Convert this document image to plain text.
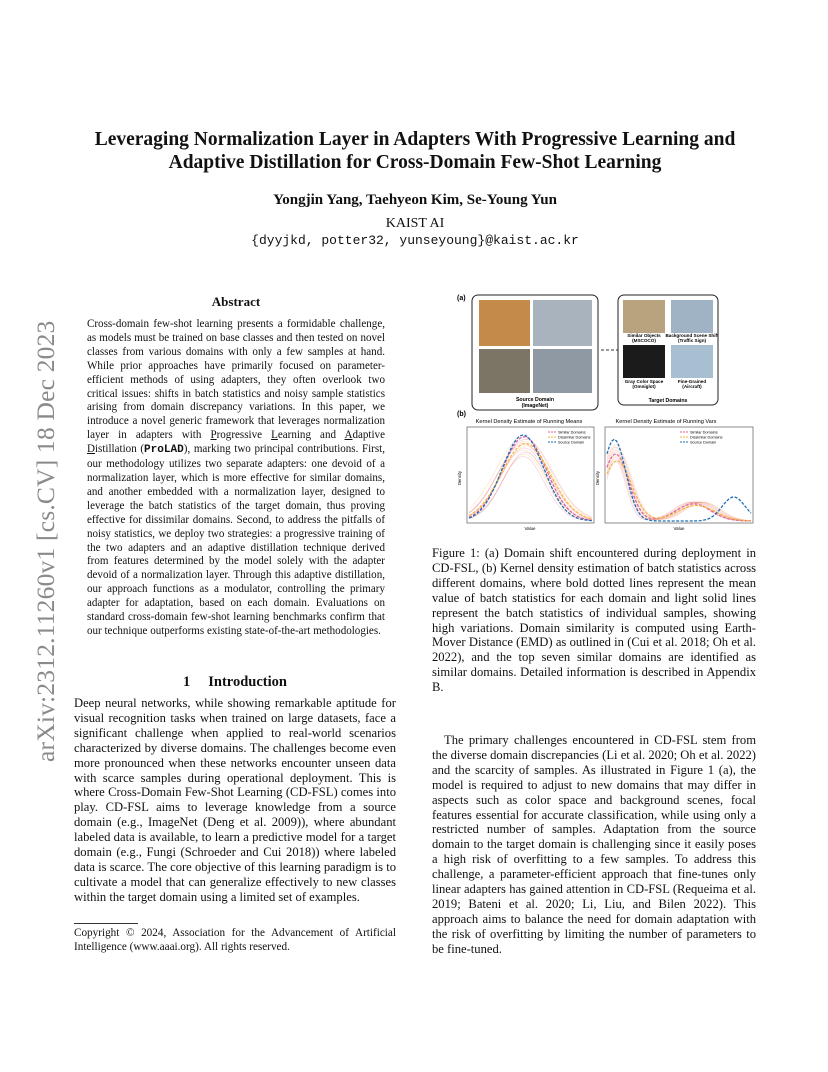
arXiv:2312.11260v1 [cs.CV] 18 Dec 2023
Leveraging Normalization Layer in Adapters With Progressive Learning and Adaptive Distillation for Cross-Domain Few-Shot Learning
Yongjin Yang, Taehyeon Kim, Se-Young Yun
KAIST AI
{dyyjkd, potter32, yunseyoung}@kaist.ac.kr
Abstract
Cross-domain few-shot learning presents a formidable challenge, as models must be trained on base classes and then tested on novel classes from various domains with only a few samples at hand. While prior approaches have primarily focused on parameter-efficient methods of using adapters, they often overlook two critical issues: shifts in batch statistics and noisy sample statistics arising from domain discrepancy variations. In this paper, we introduce a novel generic framework that leverages normalization layer in adapters with Progressive Learning and Adaptive Distillation (ProLAD), marking two principal contributions. First, our methodology utilizes two separate adapters: one devoid of a normalization layer, which is more effective for similar domains, and another embedded with a normalization layer, designed to leverage the batch statistics of the target domain, thus proving effective for dissimilar domains. Second, to address the pitfalls of noisy statistics, we deploy two strategies: a progressive training of the two adapters and an adaptive distillation technique derived from features determined by the model solely with the adapter devoid of a normalization layer. Through this adaptive distillation, our approach functions as a modulator, controlling the primary adapter for adaptation, based on each domain. Evaluations on standard cross-domain few-shot learning benchmarks confirm that our technique outperforms existing state-of-the-art methodologies.
1 Introduction
Deep neural networks, while showing remarkable aptitude for visual recognition tasks when trained on large datasets, face a significant challenge when applied to real-world scenarios characterized by diverse domains. The challenges become even more pronounced when these networks encounter unseen data with scarce samples during operational deployment. This is where Cross-Domain Few-Shot Learning (CD-FSL) comes into play. CD-FSL aims to leverage knowledge from a source domain (e.g., ImageNet (Deng et al. 2009)), where abundant labeled data is available, to learn a predictive model for a target domain (e.g., Fungi (Schroeder and Cui 2018)) where labeled data is scarce. The core objective of this learning paradigm is to cultivate a model that can generalize effectively to new classes within the target domain using a limited set of examples.
Copyright © 2024, Association for the Advancement of Artificial Intelligence (www.aaai.org). All rights reserved.
(a)
Source Domain
(ImageNet)
Similar Objects
(MSCOCO)
Background Scene Shift
(Traffic Sign)
Gray Color Space
(Omniglot)
Fine-Grained
(Aircraft)
Target Domains
(b)
Kernel Density Estimate of Running Means
Similar Domains
Dissimilar Domains
Source Domain
Density
Value
Kernel Density Estimate of Running Vars
Similar Domains
Dissimilar Domains
Source Domain
Density
Value
Figure 1: (a) Domain shift encountered during deployment in CD-FSL, (b) Kernel density estimation of batch statistics across different domains, where bold dotted lines represent the mean value of batch statistics for each domain and light solid lines represent the batch statistics of individual samples, showing high variations. Domain similarity is computed using Earth-Mover Distance (EMD) as outlined in (Cui et al. 2018; Oh et al. 2022), and the top seven similar domains are identified as similar domains. Detailed information is described in Appendix B.
The primary challenges encountered in CD-FSL stem from the diverse domain discrepancies (Li et al. 2020; Oh et al. 2022) and the scarcity of samples. As illustrated in Figure 1 (a), the model is required to adjust to new domains that may differ in aspects such as color space and background scenes, focal features essential for accurate classification, while using only a restricted number of samples. Adaptation from the source domain to the target domain is challenging since it easily poses a high risk of overfitting to a few samples. To address this challenge, a parameter-efficient approach that fine-tunes only linear adapters has gained attention in CD-FSL (Requeima et al. 2019; Bateni et al. 2020; Li, Liu, and Bilen 2022). This approach aims to balance the need for domain adaptation with the risk of overfitting by limiting the number of parameters to be fine-tuned.
